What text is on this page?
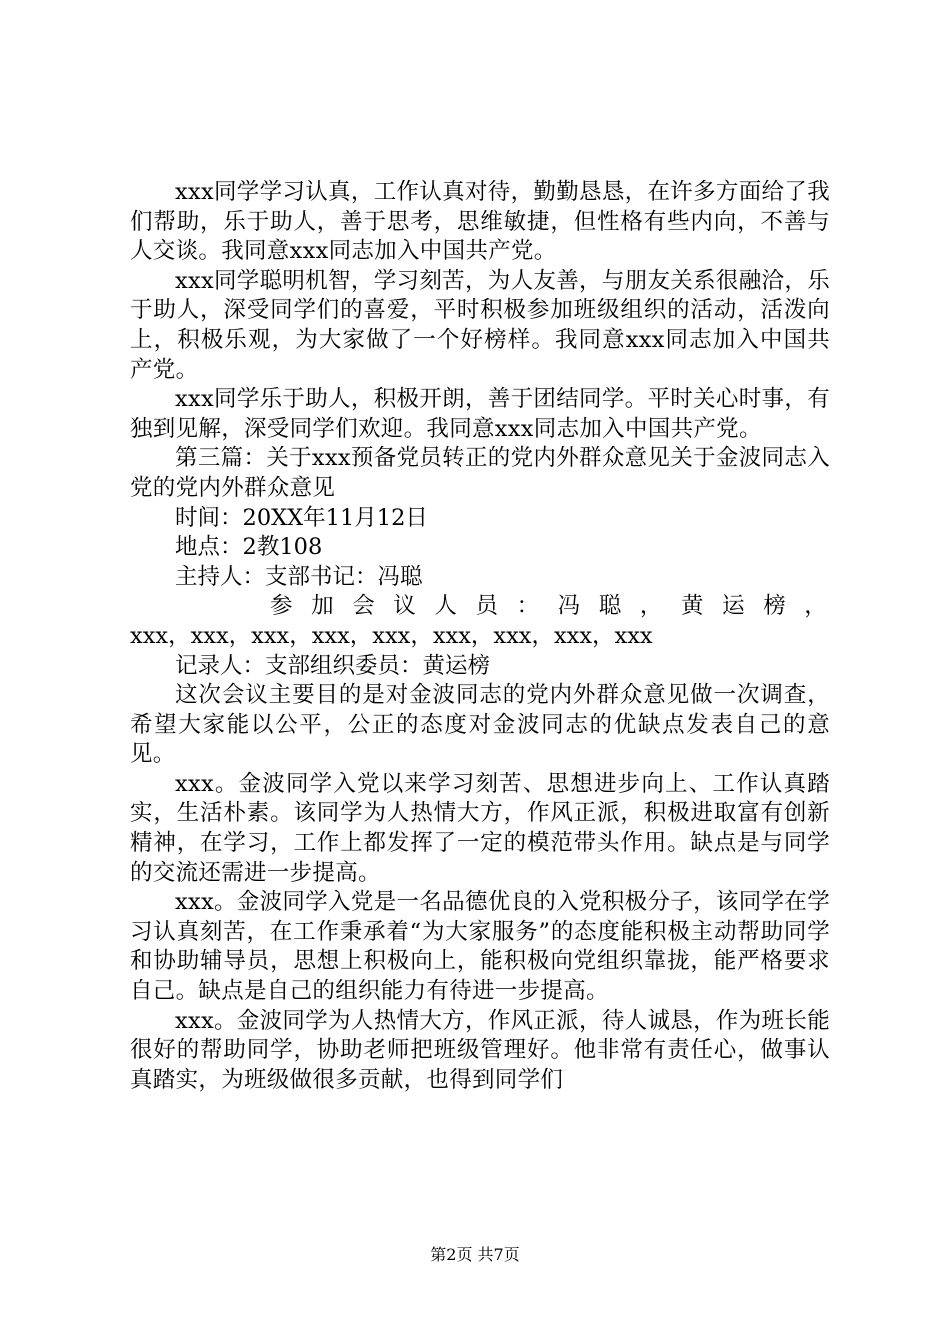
xxx同学学习认真，工作认真对待，勤勤恳恳，在许多方面给了我们帮助，乐于助人，善于思考，思维敏捷，但性格有些内向，不善与人交谈。我同意xxx同志加入中国共产党。

xxx同学聪明机智，学习刻苦，为人友善，与朋友关系很融洽，乐于助人，深受同学们的喜爱，平时积极参加班级组织的活动，活泼向上，积极乐观，为大家做了一个好榜样。我同意xxx同志加入中国共产党。

xxx同学乐于助人，积极开朗，善于团结同学。平时关心时事，有独到见解，深受同学们欢迎。我同意xxx同志加入中国共产党。

第三篇：关于xxx预备党员转正的党内外群众意见关于金波同志入党的党内外群众意见

时间：20XX年11月12日

地点：2教108

主持人：支部书记：冯聪

参加会议人员：冯聪，黄运榜，

xxx，xxx，xxx，xxx，xxx，xxx，xxx，xxx，xxx

记录人：支部组织委员：黄运榜

这次会议主要目的是对金波同志的党内外群众意见做一次调查，希望大家能以公平，公正的态度对金波同志的优缺点发表自己的意见。

xxx。金波同学入党以来学习刻苦、思想进步向上、工作认真踏实，生活朴素。该同学为人热情大方，作风正派，积极进取富有创新精神，在学习，工作上都发挥了一定的模范带头作用。缺点是与同学的交流还需进一步提高。

xxx。金波同学入党是一名品德优良的入党积极分子，该同学在学习认真刻苦，在工作秉承着“为大家服务”的态度能积极主动帮助同学和协助辅导员，思想上积极向上，能积极向党组织靠拢，能严格要求自己。缺点是自己的组织能力有待进一步提高。

xxx。金波同学为人热情大方，作风正派，待人诚恳，作为班长能很好的帮助同学，协助老师把班级管理好。他非常有责任心，做事认真踏实，为班级做很多贡献，也得到同学们

第2页 共7页
